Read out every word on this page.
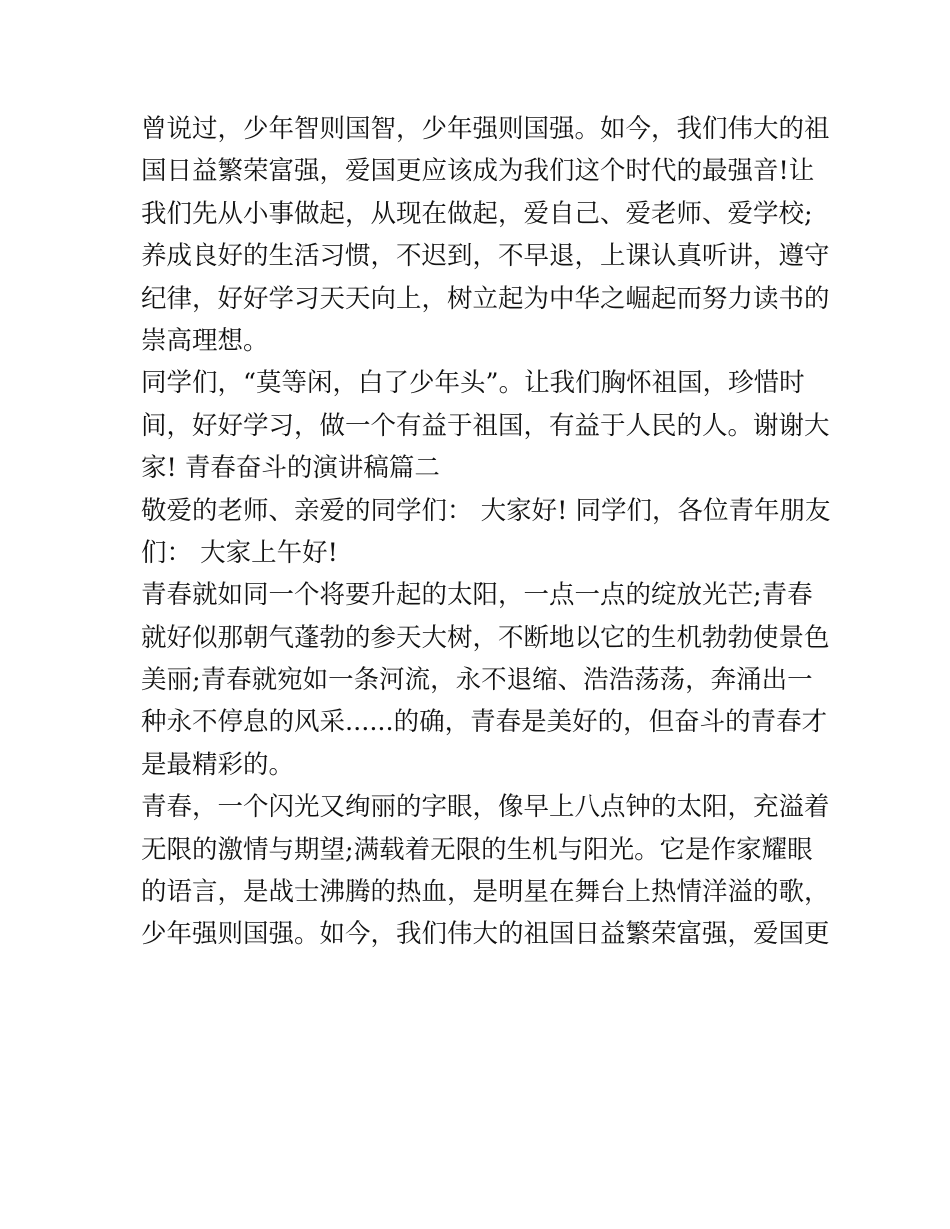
曾说过，少年智则国智，少年强则国强。如今，我们伟大的祖
国日益繁荣富强，爱国更应该成为我们这个时代的最强音!让
我们先从小事做起，从现在做起，爱自己、爱老师、爱学校;
养成良好的生活习惯，不迟到，不早退，上课认真听讲，遵守
纪律，好好学习天天向上，树立起为中华之崛起而努力读书的
崇高理想。
同学们，“莫等闲，白了少年头”。让我们胸怀祖国，珍惜时
间，好好学习，做一个有益于祖国，有益于人民的人。谢谢大
家! 青春奋斗的演讲稿篇二
敬爱的老师、亲爱的同学们： 大家好! 同学们，各位青年朋友
们： 大家上午好!
青春就如同一个将要升起的太阳，一点一点的绽放光芒;青春
就好似那朝气蓬勃的参天大树，不断地以它的生机勃勃使景色
美丽;青春就宛如一条河流，永不退缩、浩浩荡荡，奔涌出一
种永不停息的风采......的确，青春是美好的，但奋斗的青春才
是最精彩的。
青春，一个闪光又绚丽的字眼，像早上八点钟的太阳，充溢着
无限的激情与期望;满载着无限的生机与阳光。它是作家耀眼
的语言，是战士沸腾的热血，是明星在舞台上热情洋溢的歌，
少年强则国强。如今，我们伟大的祖国日益繁荣富强，爱国更
